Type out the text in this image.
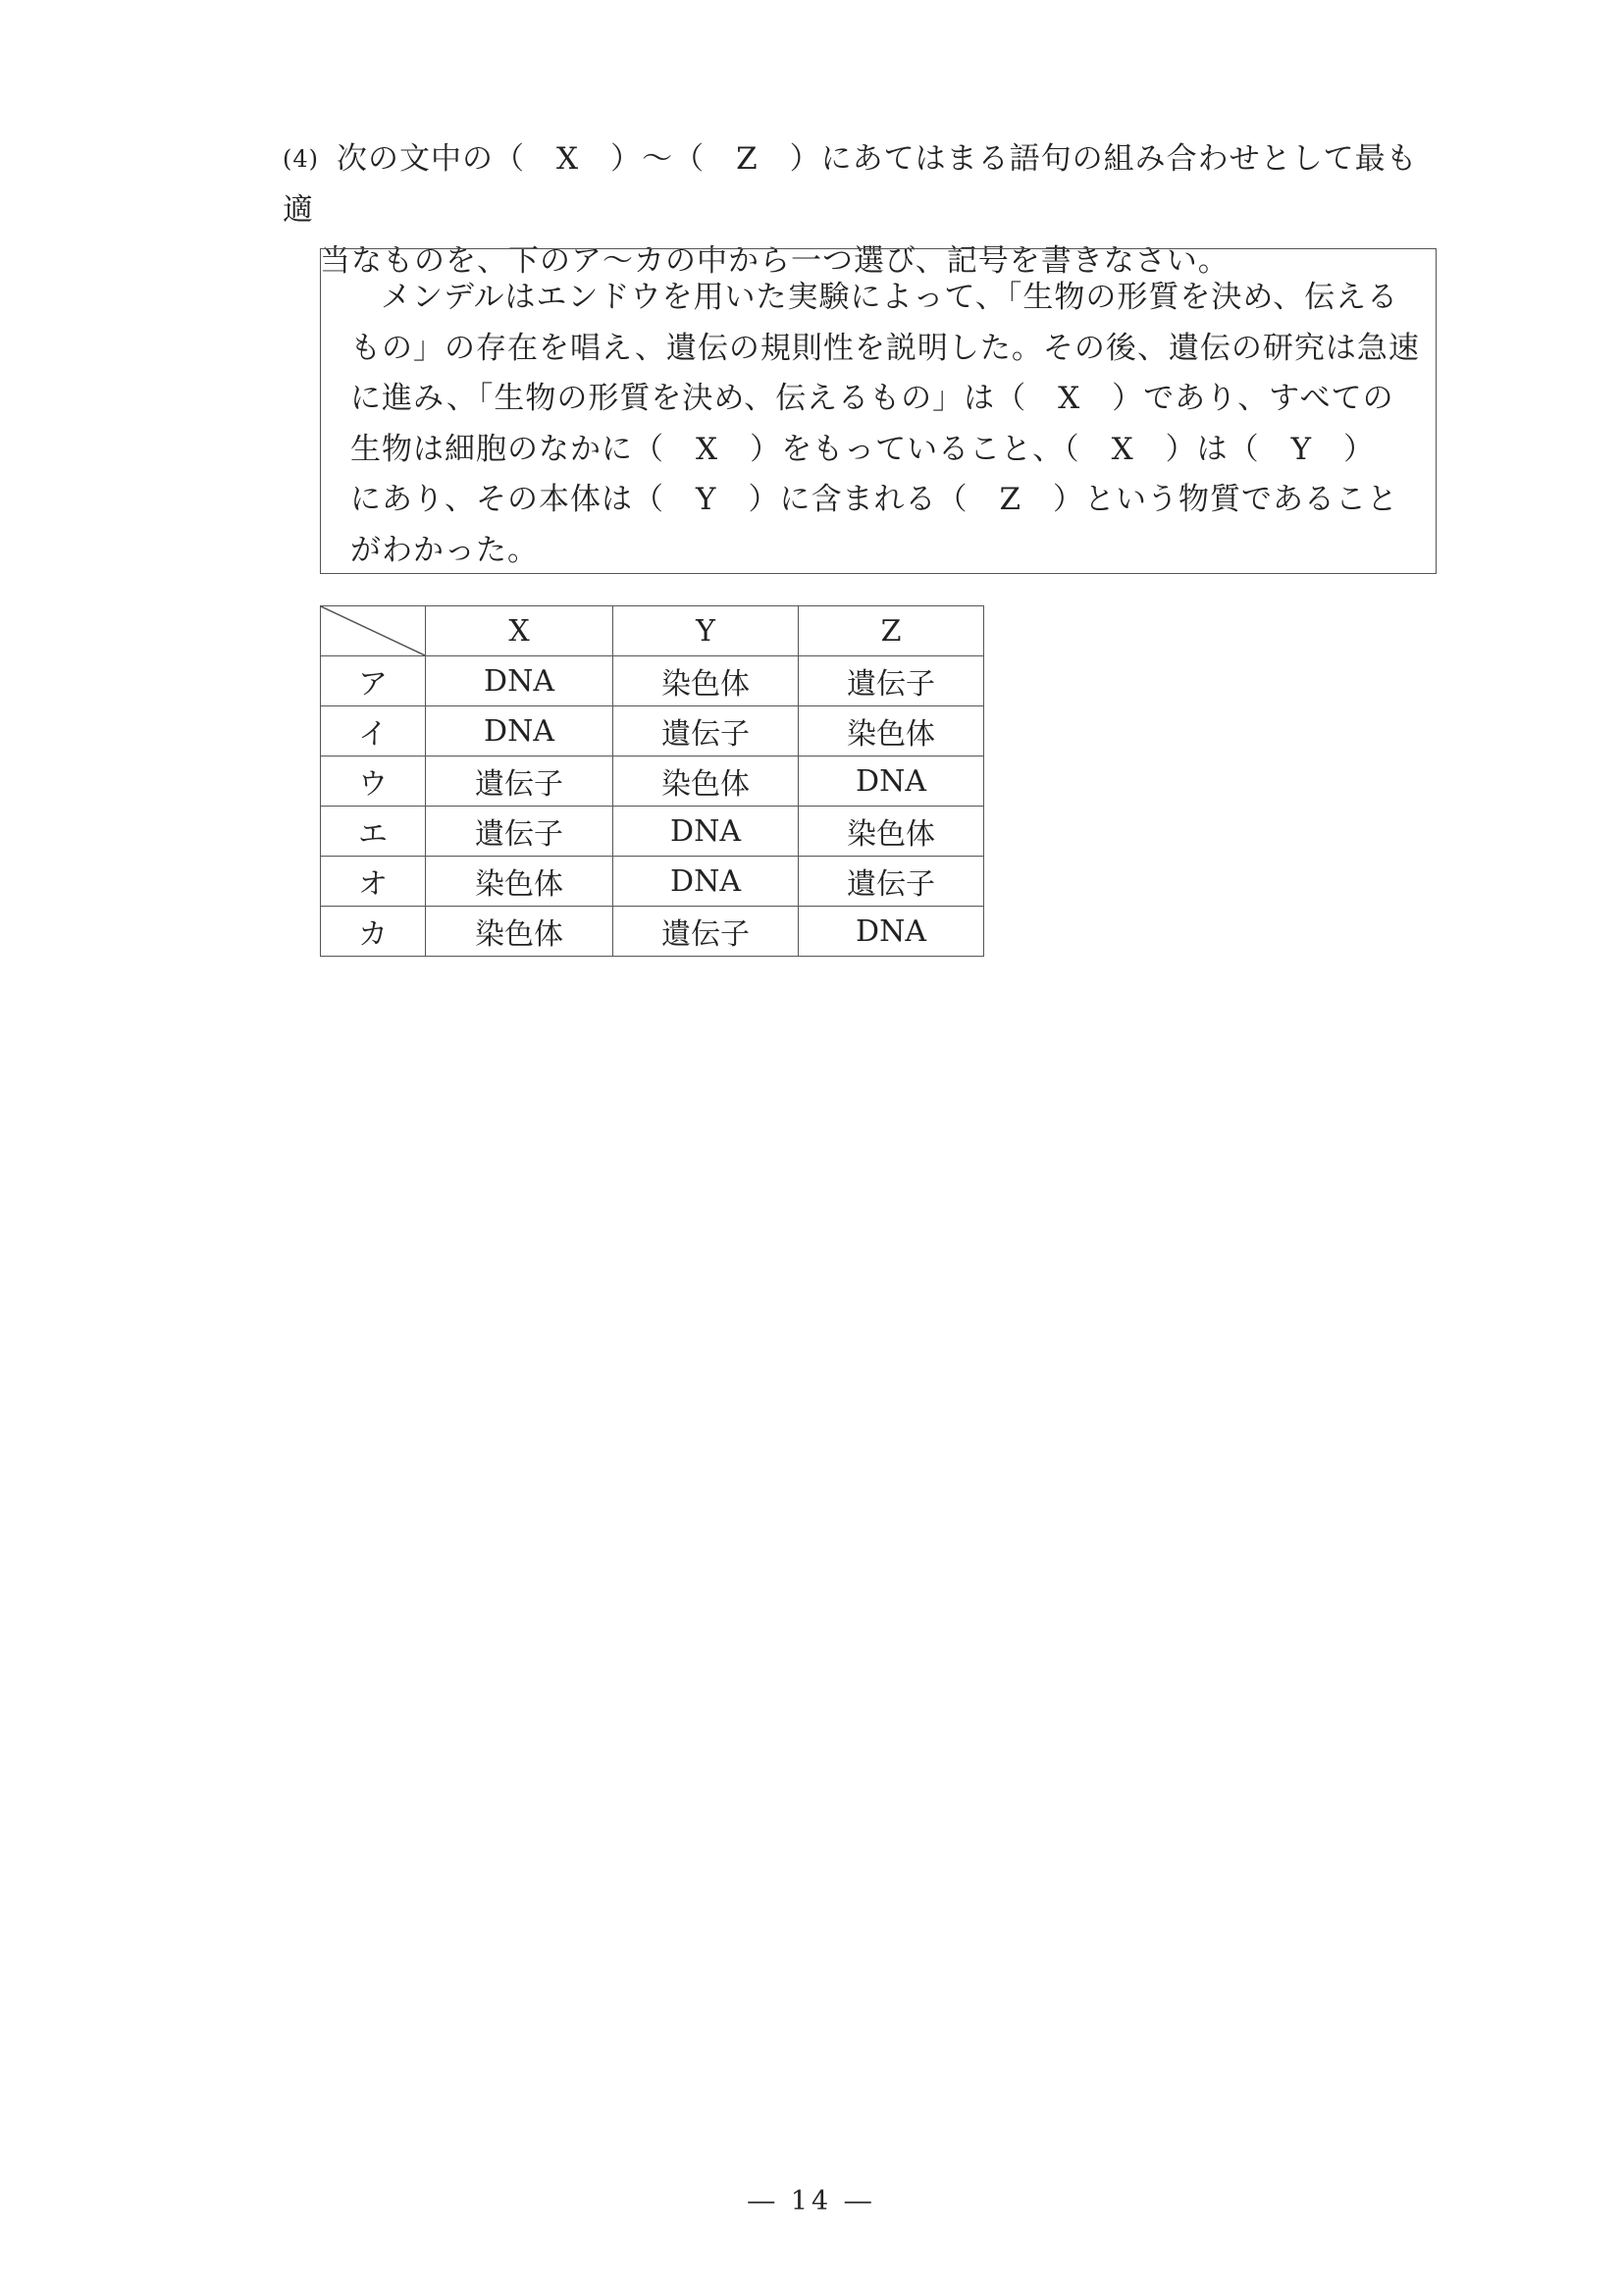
(4) 次の文中の（　X　）〜（　Z　）にあてはまる語句の組み合わせとして最も適
当なものを、下のア〜カの中から一つ選び、記号を書きなさい。
メンデルはエンドウを用いた実験によって、「生物の形質を決め、伝える
もの」の存在を唱え、遺伝の規則性を説明した。その後、遺伝の研究は急速
に進み、「生物の形質を決め、伝えるもの」は（　X　）であり、すべての
生物は細胞のなかに（　X　）をもっていること、（　X　）は（　Y　）
にあり、その本体は（　Y　）に含まれる（　Z　）という物質であること
がわかった。
	X	Y	Z
ア	DNA	染色体	遺伝子
イ	DNA	遺伝子	染色体
ウ	遺伝子	染色体	DNA
エ	遺伝子	DNA	染色体
オ	染色体	DNA	遺伝子
カ	染色体	遺伝子	DNA
― 14 ―
